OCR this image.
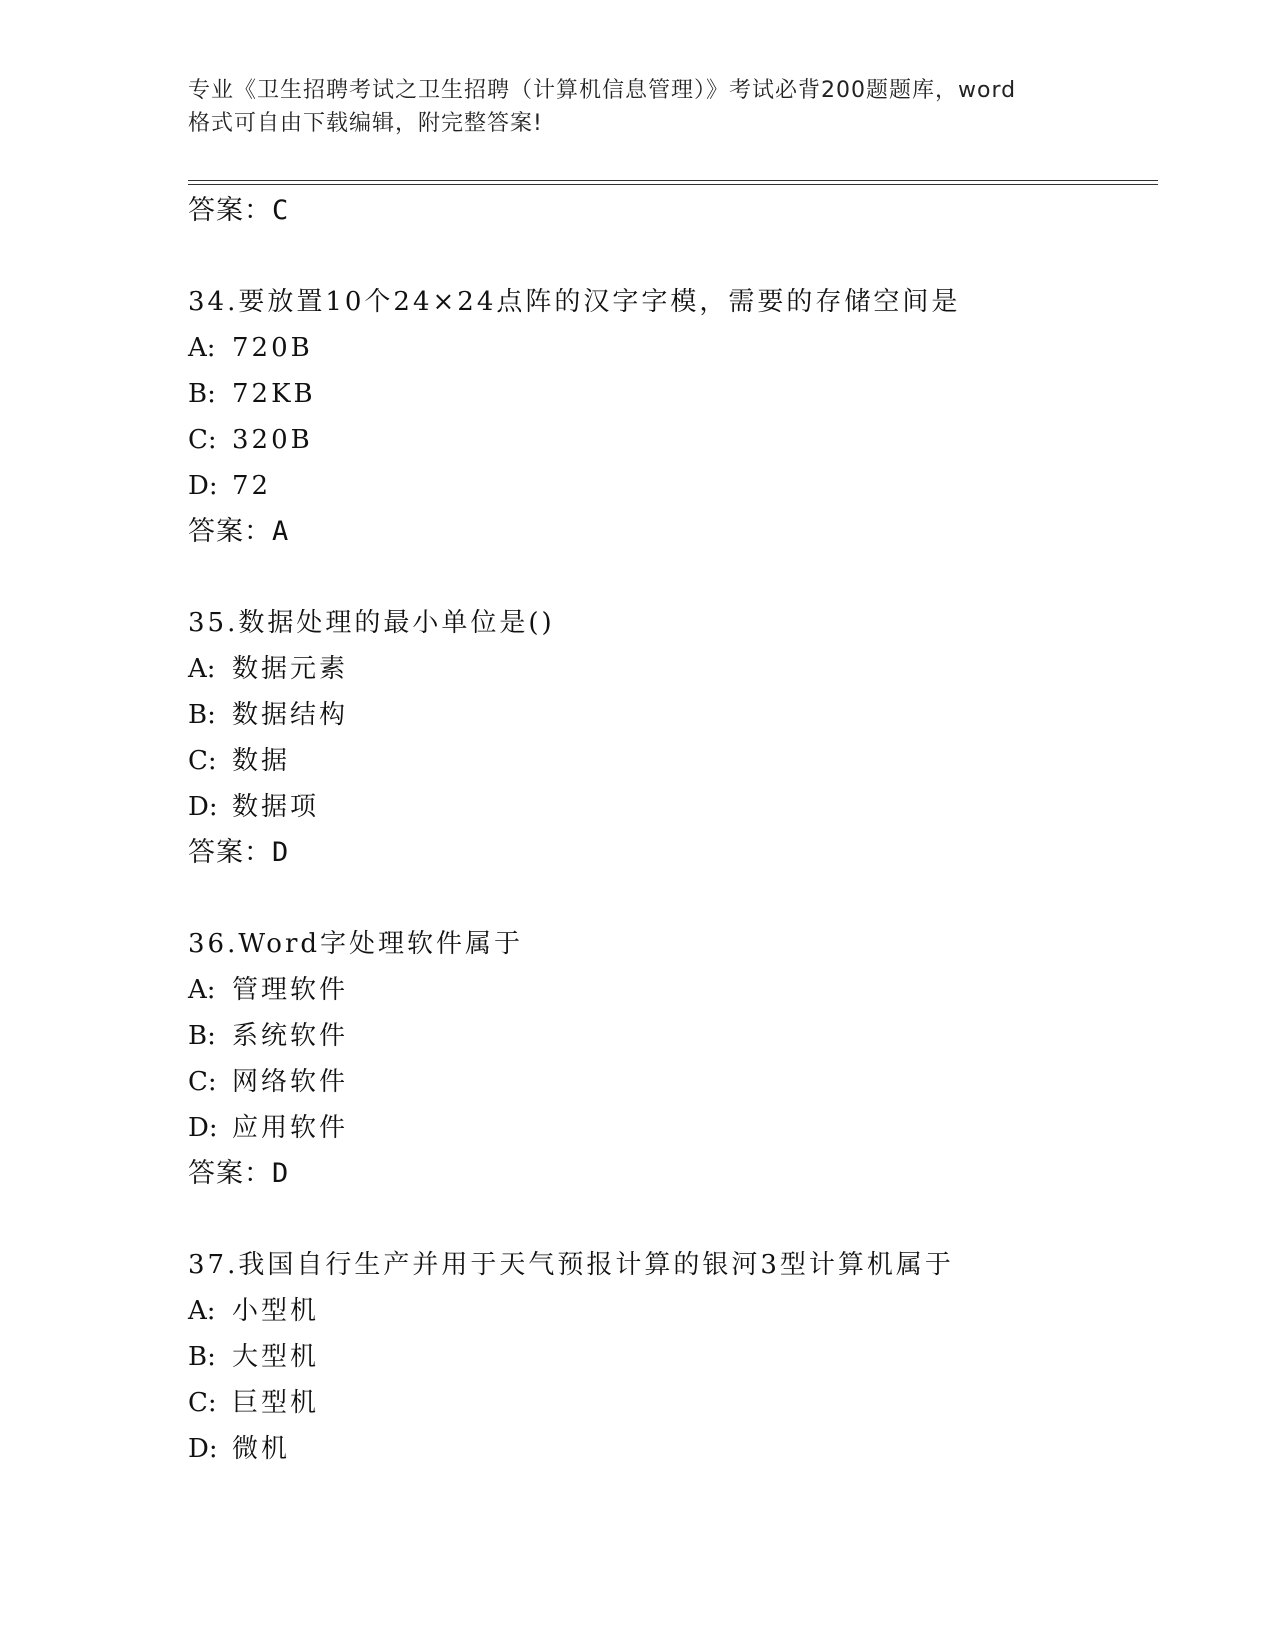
专业《卫生招聘考试之卫生招聘（计算机信息管理）》考试必背200题题库，word
格式可自由下载编辑，附完整答案!
答案：C
34.要放置10个24×24点阵的汉字字模，需要的存储空间是
A: 720B
B: 72KB
C: 320B
D: 72
答案：A
35.数据处理的最小单位是()
A: 数据元素
B: 数据结构
C: 数据
D: 数据项
答案：D
36.Word字处理软件属于
A: 管理软件
B: 系统软件
C: 网络软件
D: 应用软件
答案：D
37.我国自行生产并用于天气预报计算的银河3型计算机属于
A: 小型机
B: 大型机
C: 巨型机
D: 微机
